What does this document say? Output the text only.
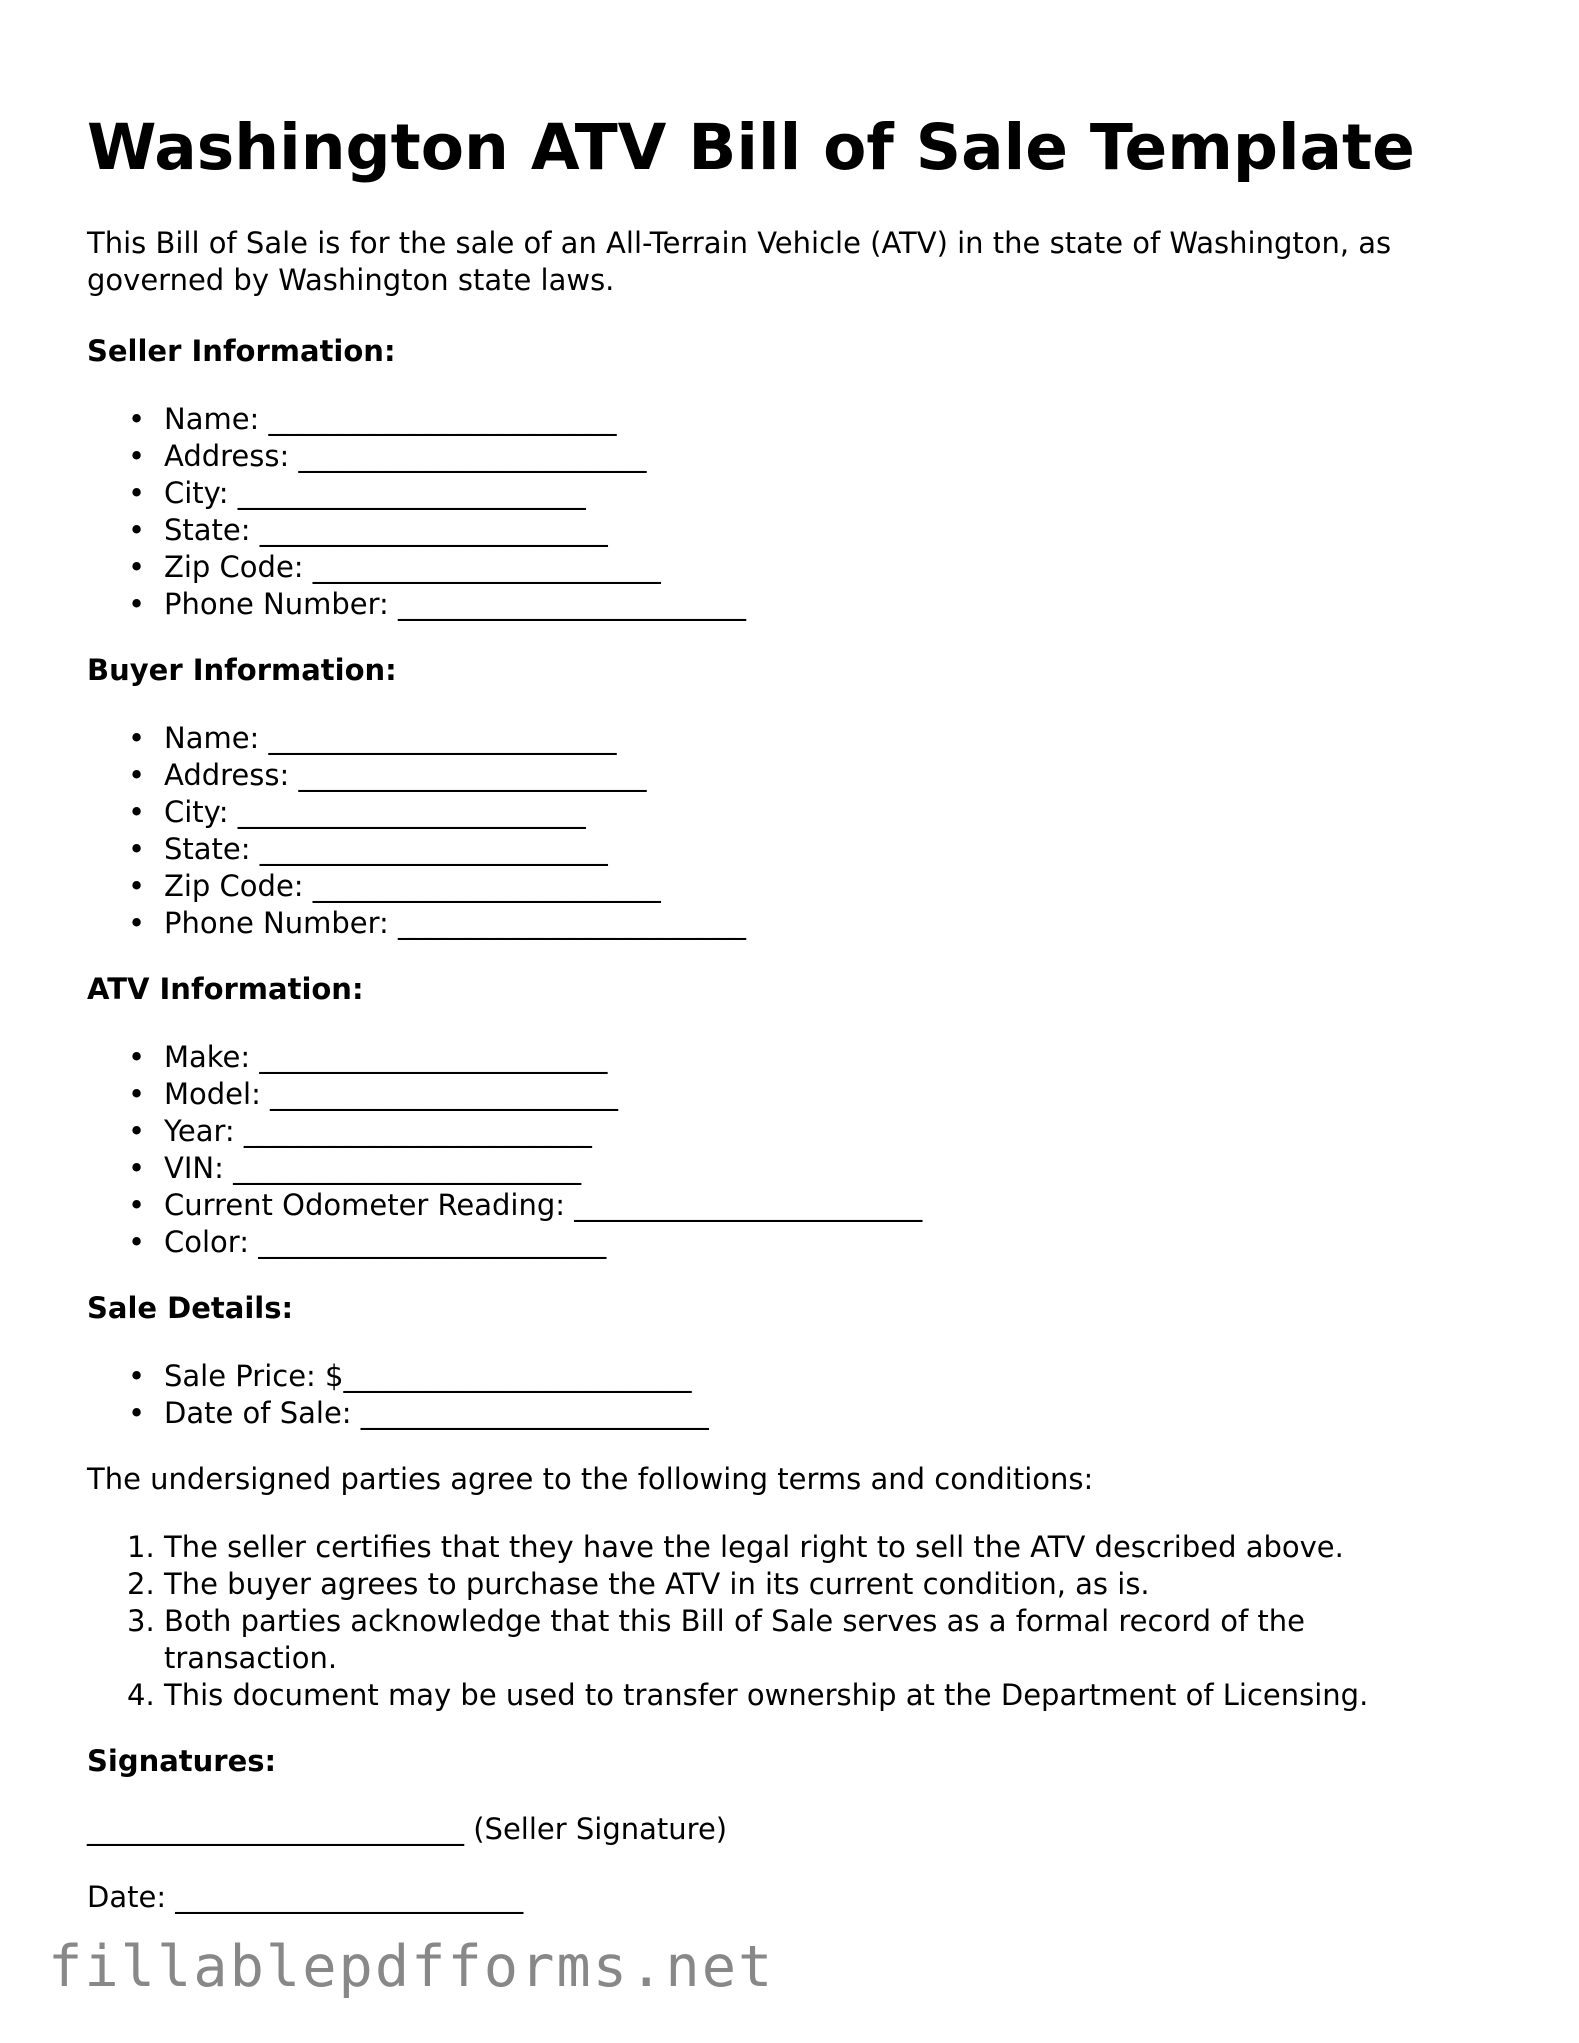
Washington ATV Bill of Sale Template

This Bill of Sale is for the sale of an All-Terrain Vehicle (ATV) in the state of Washington, as governed by Washington state laws.

Seller Information:

• Name: ________________________
• Address: ________________________
• City: ________________________
• State: ________________________
• Zip Code: ________________________
• Phone Number: ________________________

Buyer Information:

• Name: ________________________
• Address: ________________________
• City: ________________________
• State: ________________________
• Zip Code: ________________________
• Phone Number: ________________________

ATV Information:

• Make: ________________________
• Model: ________________________
• Year: ________________________
• VIN: ________________________
• Current Odometer Reading: ________________________
• Color: ________________________

Sale Details:

• Sale Price: $________________________
• Date of Sale: ________________________

The undersigned parties agree to the following terms and conditions:

1. The seller certifies that they have the legal right to sell the ATV described above.
2. The buyer agrees to purchase the ATV in its current condition, as is.
3. Both parties acknowledge that this Bill of Sale serves as a formal record of the transaction.
4. This document may be used to transfer ownership at the Department of Licensing.

Signatures:

__________________________ (Seller Signature)

Date: ________________________

fillablepdfforms.net
